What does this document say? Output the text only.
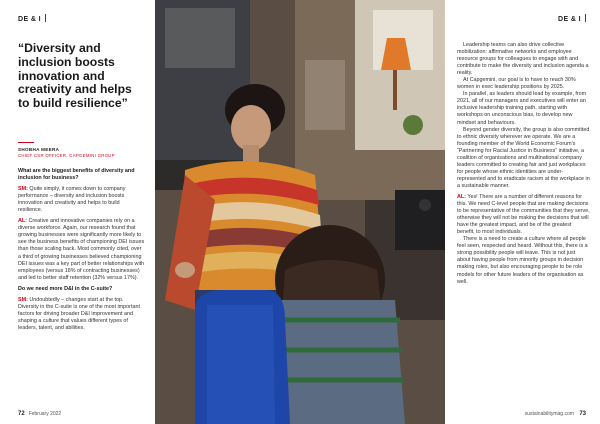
DE & I
“Diversity and inclusion boosts innovation and creativity and helps to build resilience”
SHOBHA MEERA
CHIEF CSR OFFICER, CAPGEMINI GROUP

What are the biggest benefits of diversity and inclusion for business?

SM: Quite simply, it comes down to company performance – diversity and inclusion boosts innovation and creativity and helps to build resilience.

AL: Creative and innovative companies rely on a diverse workforce. Again, our research found that growing businesses were significantly more likely to see the business benefits of championing DEI issues than those scaling back. Most commonly cited, over a third of growing businesses believed championing DEI issues was a key part of better relationships with employees (versus 18% of contracting businesses) and led to better staff retention (32% versus 17%).

Do we need more D&I in the C-suite?

SM: Undoubtedly – changes start at the top. Diversity in the C-suite is one of the most important factors for driving broader D&I improvement and shaping a culture that values different types of leaders, talent, and abilities.

72 February 2022
DE & I

Leadership teams can also drive collective mobilization: affirmative networks and employee resource groups for colleagues to engage with and contribute to make the diversity and inclusion agenda a reality.

At Capgemini, our goal is to have to reach 30% women in exec leadership positions by 2025.

In parallel, as leaders should lead by example, from 2021, all of our managers and executives will enter an inclusive leadership training path, starting with workshops on unconscious bias, to develop new mindset and behaviours.

Beyond gender diversity, the group is also committed to ethnic diversity wherever we operate. We are a founding member of the World Economic Forum's “Partnering for Racial Justice in Business” initiative, a coalition of organisations and multinational company leaders committed to creating fair and just workplaces for people whose ethnic identities are under-represented and to eradicate racism at the workplace in a sustainable manner.

AL: Yes! There are a number of different reasons for this. We need C-level people that are making decisions to be representative of the communities that they serve, otherwise they will not be making the decisions that will have the greatest impact, and be of the greatest benefit, to most individuals.

There is a need to create a culture where all people feel seen, respected and heard. Without this, there is a strong possibility people will leave. This is not just about having people from minority groups in decision making roles, but also encouraging people to be role models for other future leaders of the organisation as well.

sustainabilitymag.com 73
